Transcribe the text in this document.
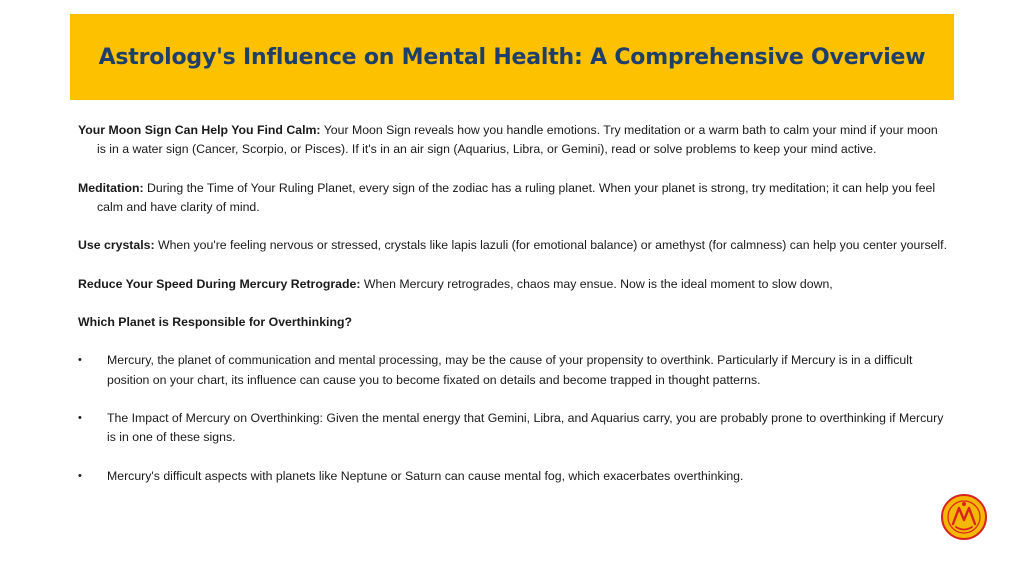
Astrology's Influence on Mental Health: A Comprehensive Overview

Your Moon Sign Can Help You Find Calm: Your Moon Sign reveals how you handle emotions. Try meditation or a warm bath to calm your mind if your moon is in a water sign (Cancer, Scorpio, or Pisces). If it's in an air sign (Aquarius, Libra, or Gemini), read or solve problems to keep your mind active.

Meditation: During the Time of Your Ruling Planet, every sign of the zodiac has a ruling planet. When your planet is strong, try meditation; it can help you feel calm and have clarity of mind.

Use crystals: When you're feeling nervous or stressed, crystals like lapis lazuli (for emotional balance) or amethyst (for calmness) can help you center yourself.

Reduce Your Speed During Mercury Retrograde: When Mercury retrogrades, chaos may ensue. Now is the ideal moment to slow down,

Which Planet is Responsible for Overthinking?

• Mercury, the planet of communication and mental processing, may be the cause of your propensity to overthink. Particularly if Mercury is in a difficult position on your chart, its influence can cause you to become fixated on details and become trapped in thought patterns.
• The Impact of Mercury on Overthinking: Given the mental energy that Gemini, Libra, and Aquarius carry, you are probably prone to overthinking if Mercury is in one of these signs.
• Mercury's difficult aspects with planets like Neptune or Saturn can cause mental fog, which exacerbates overthinking.
